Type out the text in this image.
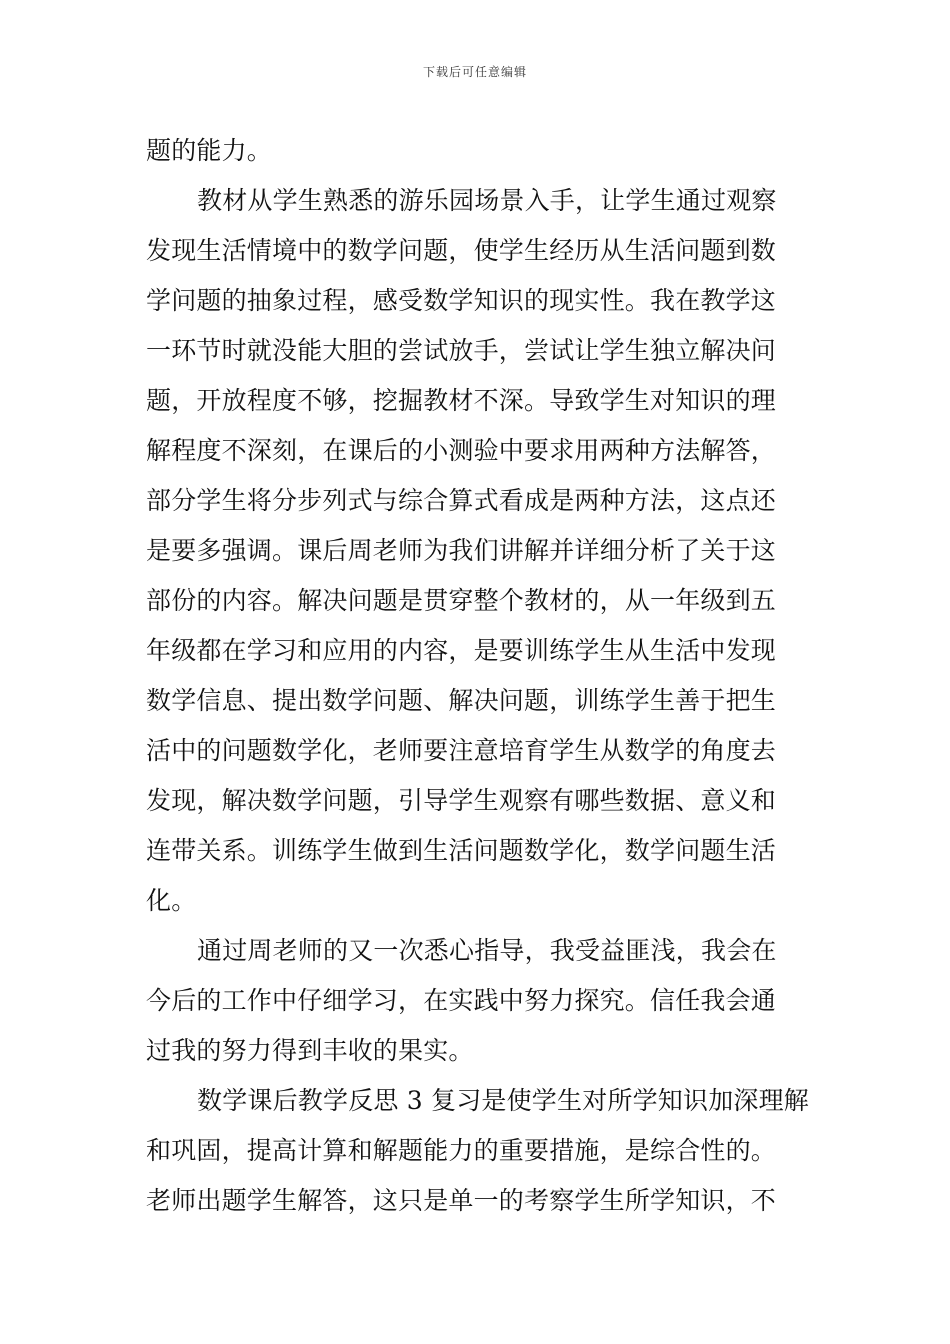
下载后可任意编辑
题的能力。
教材从学生熟悉的游乐园场景入手，让学生通过观察
发现生活情境中的数学问题，使学生经历从生活问题到数
学问题的抽象过程，感受数学知识的现实性。我在教学这
一环节时就没能大胆的尝试放手，尝试让学生独立解决问
题，开放程度不够，挖掘教材不深。导致学生对知识的理
解程度不深刻，在课后的小测验中要求用两种方法解答，
部分学生将分步列式与综合算式看成是两种方法，这点还
是要多强调。课后周老师为我们讲解并详细分析了关于这
部份的内容。解决问题是贯穿整个教材的，从一年级到五
年级都在学习和应用的内容，是要训练学生从生活中发现
数学信息、提出数学问题、解决问题，训练学生善于把生
活中的问题数学化，老师要注意培育学生从数学的角度去
发现，解决数学问题，引导学生观察有哪些数据、意义和
连带关系。训练学生做到生活问题数学化，数学问题生活
化。
通过周老师的又一次悉心指导，我受益匪浅，我会在
今后的工作中仔细学习，在实践中努力探究。信任我会通
过我的努力得到丰收的果实。
数学课后教学反思 3 复习是使学生对所学知识加深理解
和巩固，提高计算和解题能力的重要措施，是综合性的。
老师出题学生解答，这只是单一的考察学生所学知识，不
